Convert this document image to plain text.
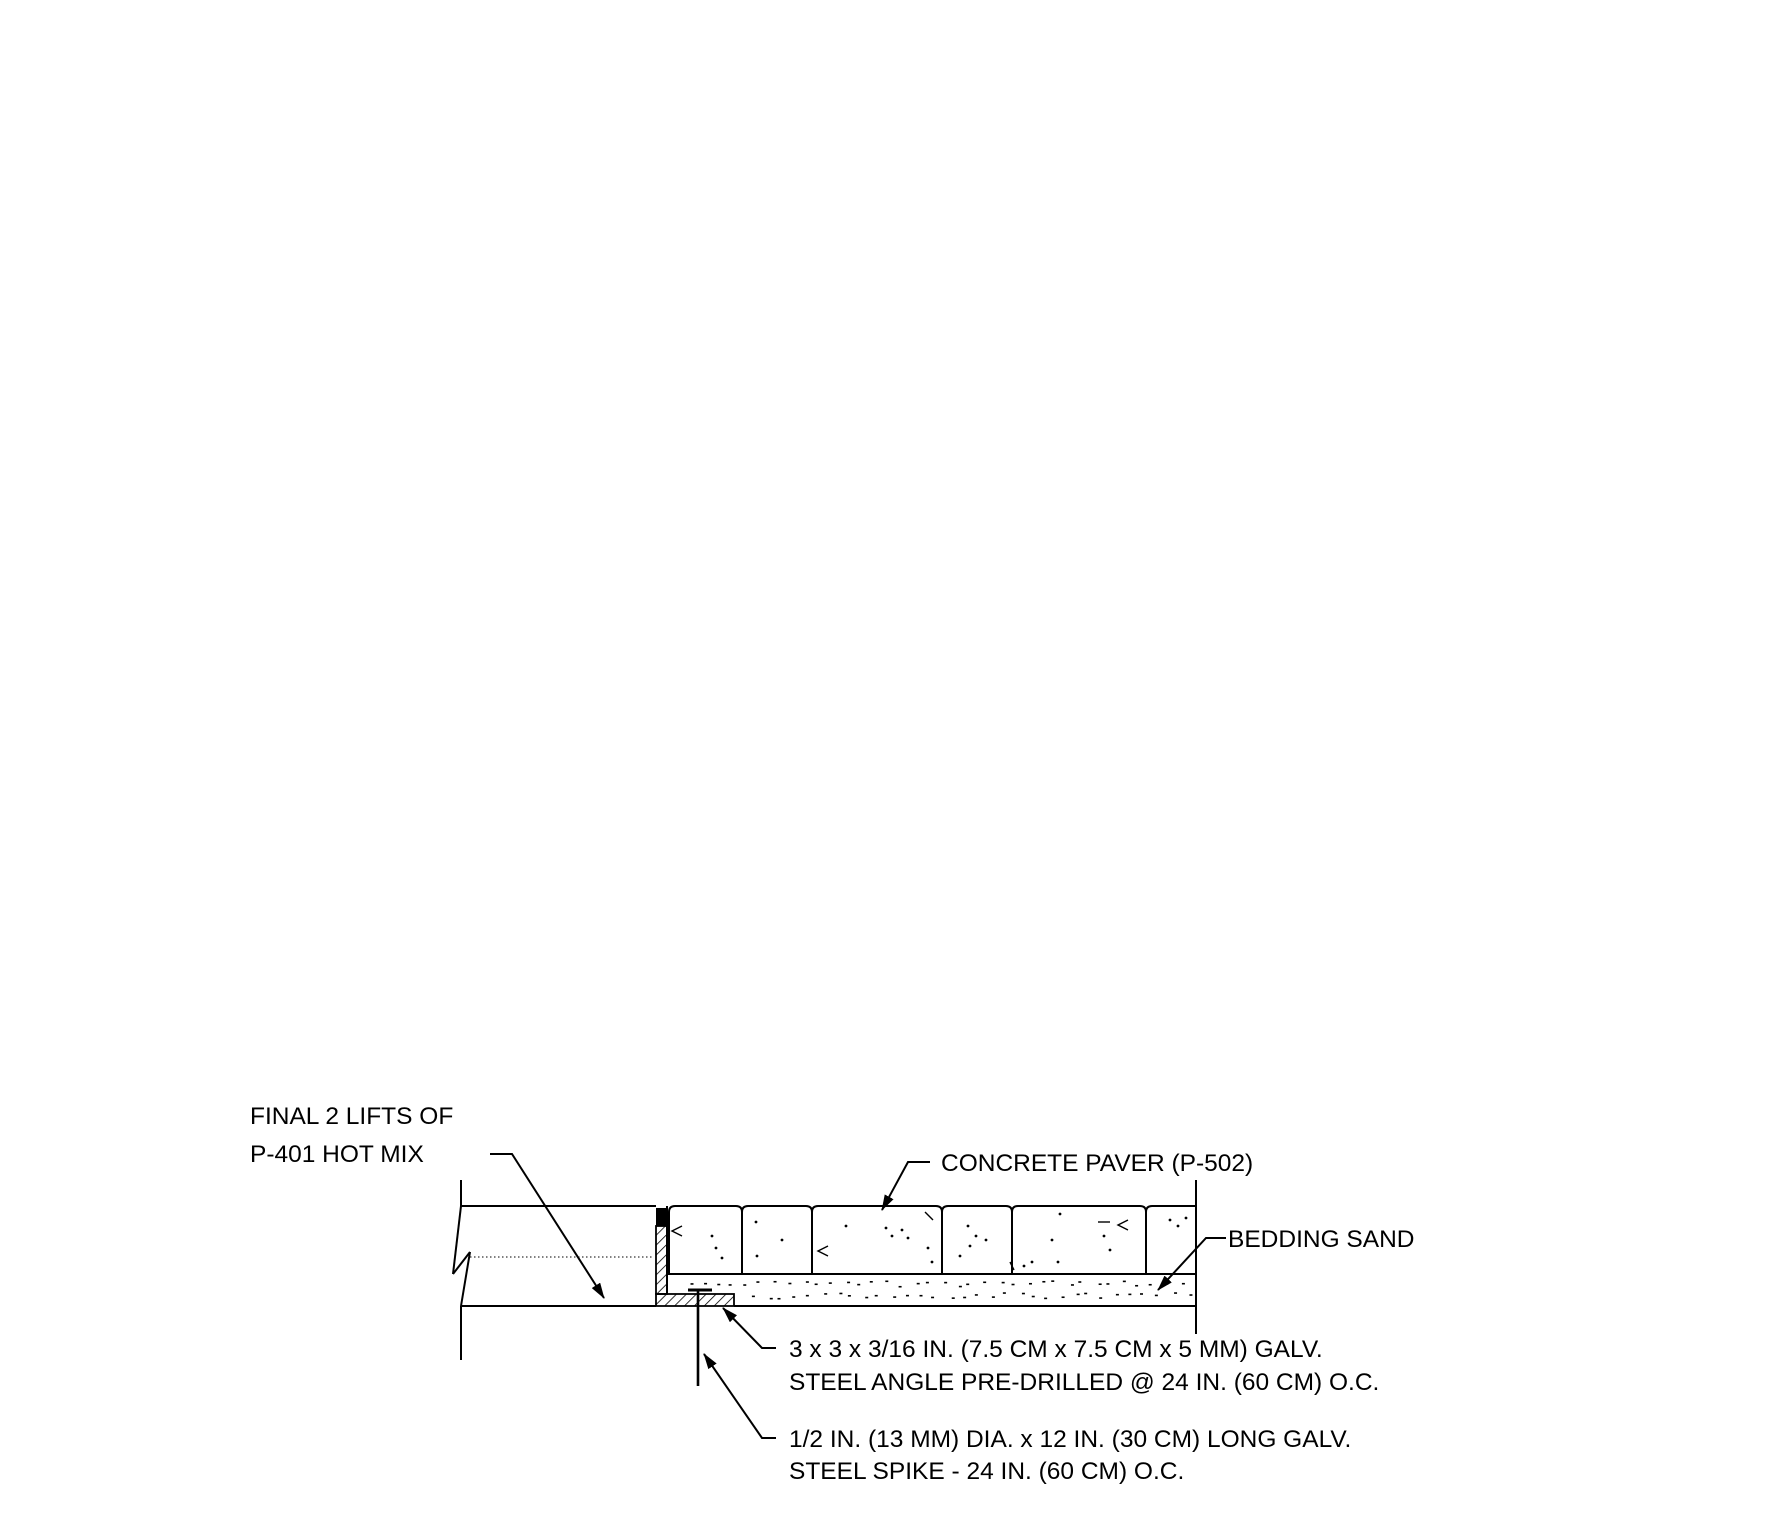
FINAL 2 LIFTS OF
P-401 HOT MIX	CONCRETE PAVER (P-502)
BEDDING SAND
3 x 3 x 3/16 IN. (7.5 CM x 7.5 CM x 5 MM) GALV.
STEEL ANGLE PRE-DRILLED @ 24 IN. (60 CM) O.C.
1/2 IN. (13 MM) DIA. x 12 IN. (30 CM) LONG GALV.
STEEL SPIKE - 24 IN. (60 CM) O.C.
